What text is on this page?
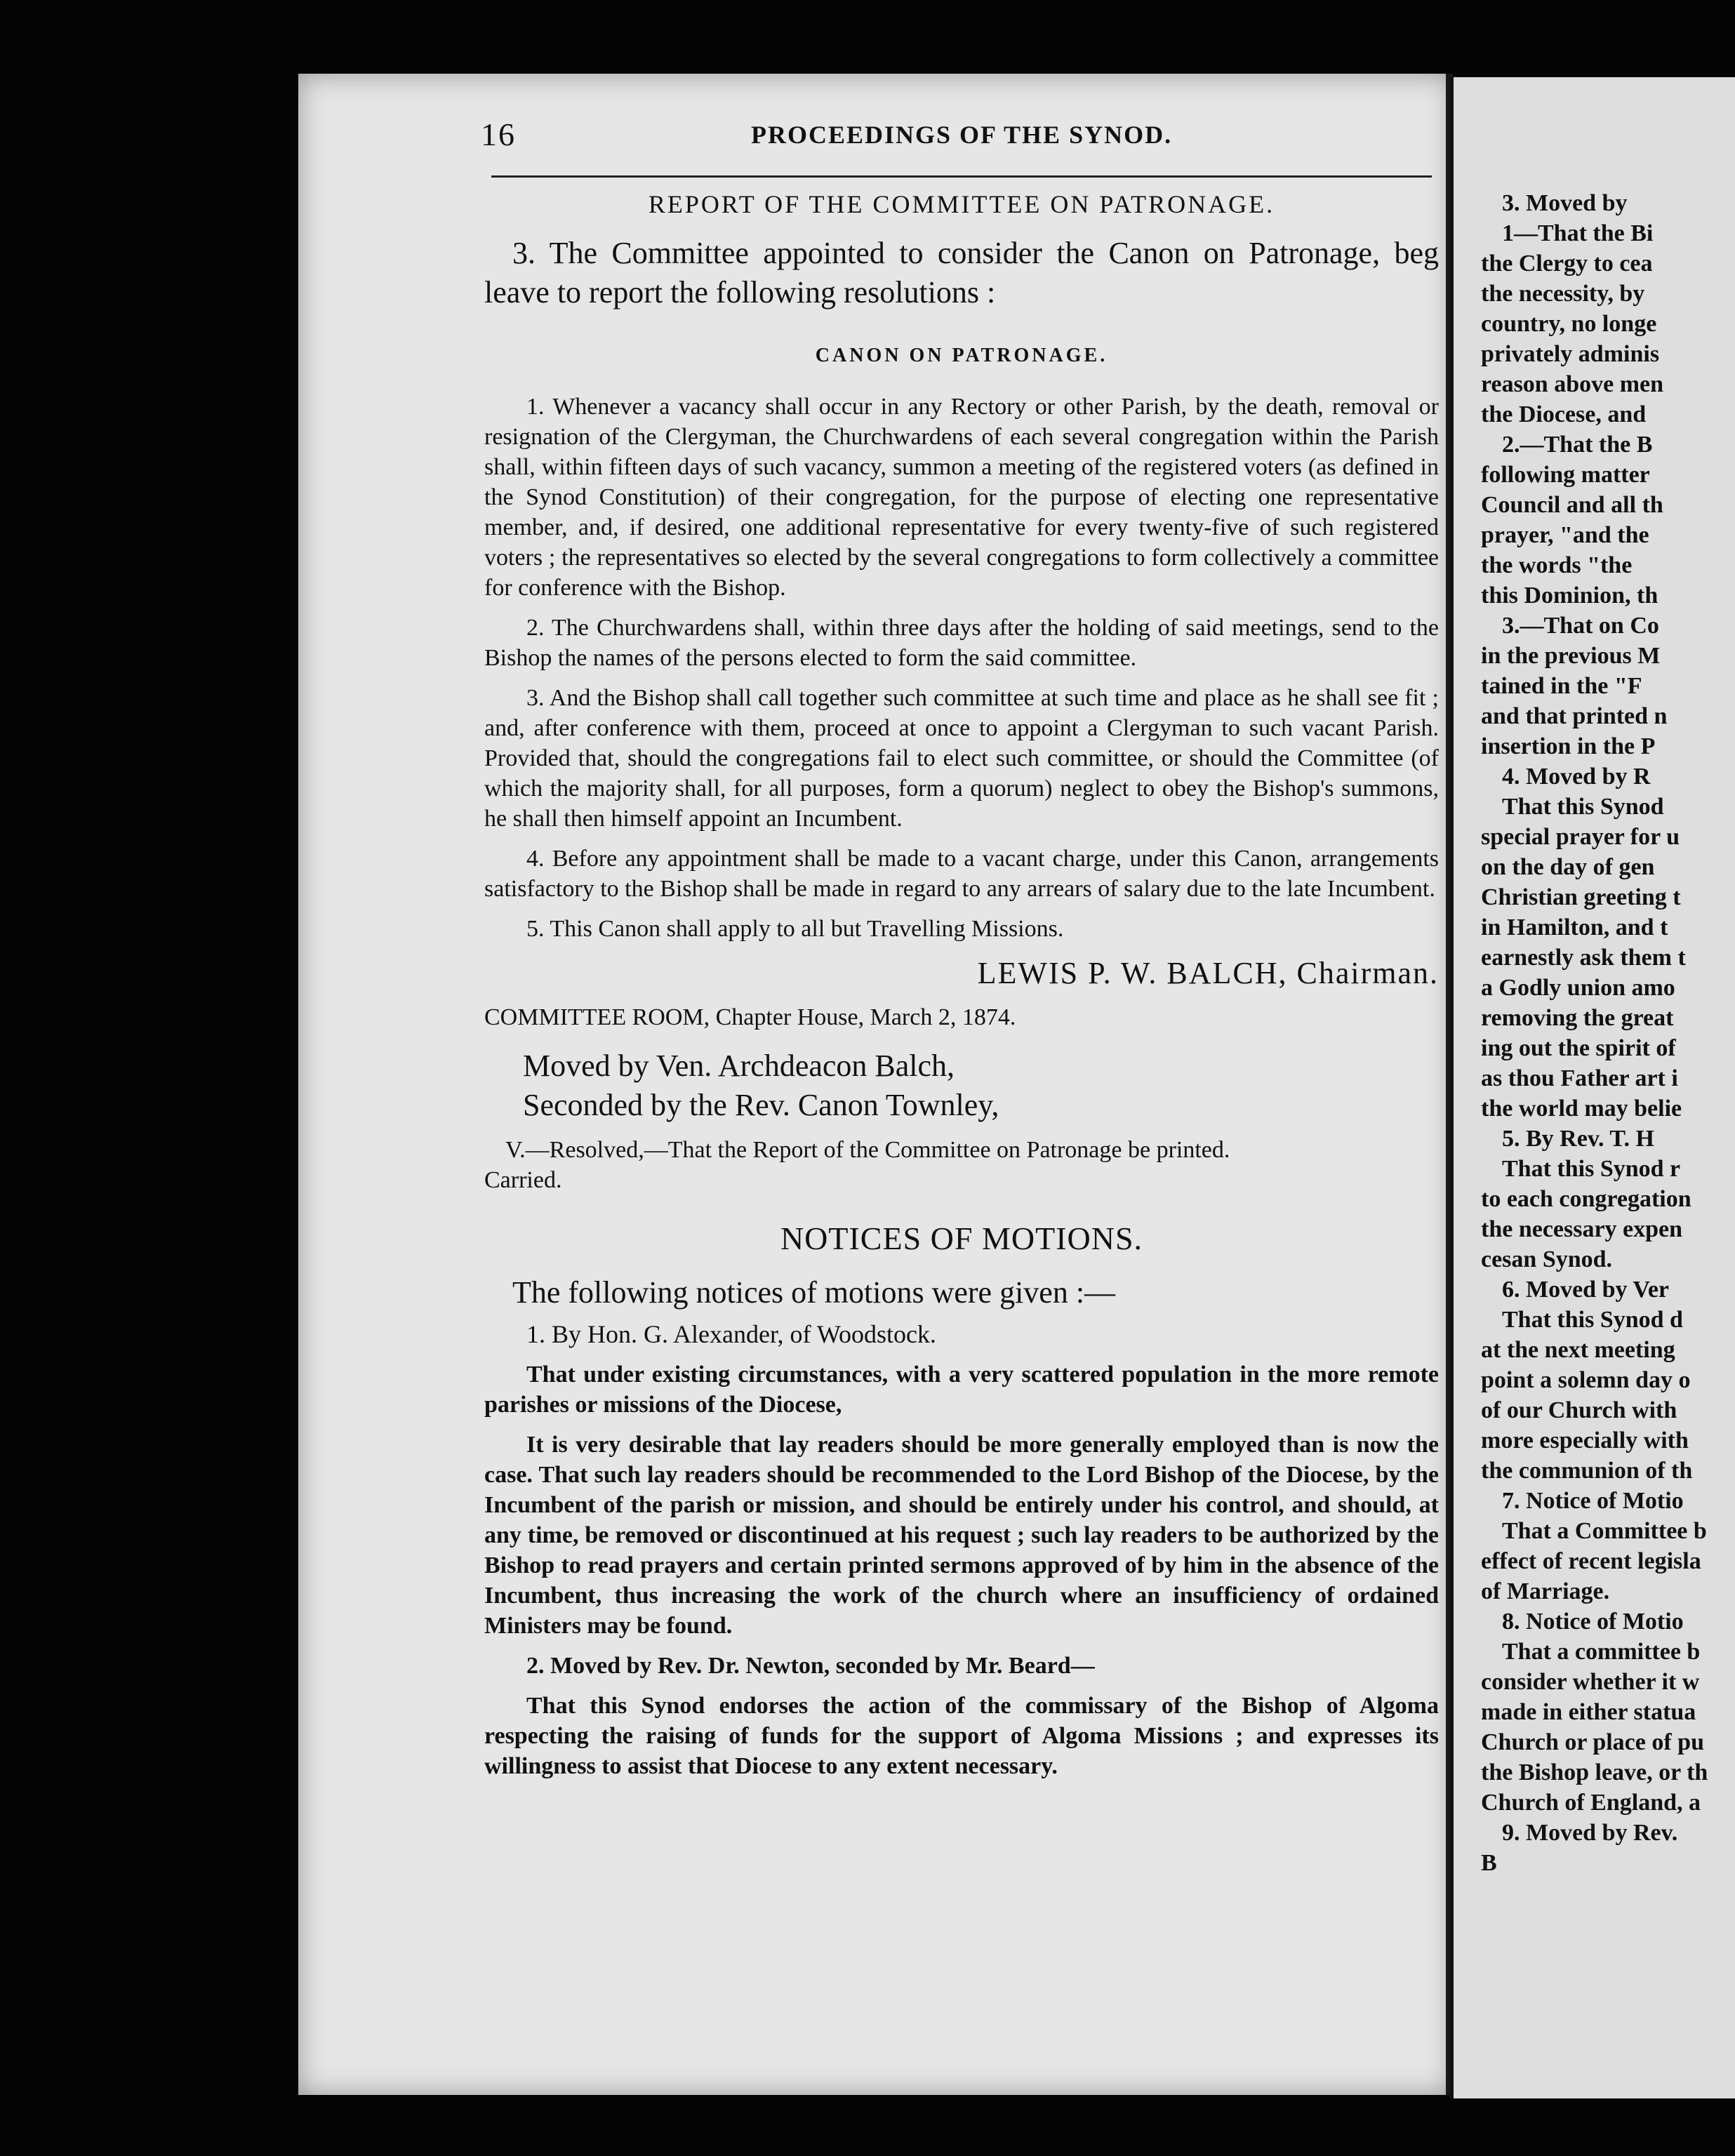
16	PROCEEDINGS OF THE SYNOD.
REPORT OF THE COMMITTEE ON PATRONAGE.
3. The Committee appointed to consider the Canon on Patronage, beg leave to report the following resolutions :
CANON ON PATRONAGE.

1. Whenever a vacancy shall occur in any Rectory or other Parish, by the death, removal or resignation of the Clergyman, the Churchwardens of each several congregation within the Parish shall, within fifteen days of such vacancy, summon a meeting of the registered voters (as defined in the Synod Constitution) of their congregation, for the purpose of electing one representative member, and, if desired, one additional representative for every twenty-five of such registered voters ; the representatives so elected by the several congregations to form collectively a committee for conference with the Bishop.

2. The Churchwardens shall, within three days after the holding of said meetings, send to the Bishop the names of the persons elected to form the said committee.

3. And the Bishop shall call together such committee at such time and place as he shall see fit ; and, after conference with them, proceed at once to appoint a Clergyman to such vacant Parish. Provided that, should the congregations fail to elect such committee, or should the Committee (of which the majority shall, for all purposes, form a quorum) neglect to obey the Bishop's summons, he shall then himself appoint an Incumbent.

4. Before any appointment shall be made to a vacant charge, under this Canon, arrangements satisfactory to the Bishop shall be made in regard to any arrears of salary due to the late Incumbent.

5. This Canon shall apply to all but Travelling Missions.

LEWIS P. W. BALCH, Chairman.
COMMITTEE ROOM, Chapter House, March 2, 1874.
Moved by Ven. Archdeacon Balch,
Seconded by the Rev. Canon Townley,

V.—Resolved,—That the Report of the Committee on Patronage be printed.

Carried.
NOTICES OF MOTIONS.
The following notices of motions were given :—

1. By Hon. G. Alexander, of Woodstock.

That under existing circumstances, with a very scattered population in the more remote parishes or missions of the Diocese,

It is very desirable that lay readers should be more generally employed than is now the case. That such lay readers should be recommended to the Lord Bishop of the Diocese, by the Incumbent of the parish or mission, and should be entirely under his control, and should, at any time, be removed or discontinued at his request ; such lay readers to be authorized by the Bishop to read prayers and certain printed sermons approved of by him in the absence of the Incumbent, thus increasing the work of the church where an insufficiency of ordained Ministers may be found.

2. Moved by Rev. Dr. Newton, seconded by Mr. Beard—

That this Synod endorses the action of the commissary of the Bishop of Algoma respecting the raising of funds for the support of Algoma Missions ; and expresses its willingness to assist that Diocese to any extent necessary.

3. Moved by
1—That the Bi
the Clergy to cea
the necessity, by
country, no longe
privately adminis
reason above men
the Diocese, and
2.—That the B
following matter
Council and all th
prayer, "and the
the words "the
this Dominion, th
3.—That on Co
in the previous M
tained in the "F
and that printed n
insertion in the P
4. Moved by R
That this Synod
special prayer for u
on the day of gen
Christian greeting t
in Hamilton, and t
earnestly ask them t
a Godly union amo
removing the great
ing out the spirit of
as thou Father art i
the world may belie
5. By Rev. T. H
That this Synod r
to each congregation
the necessary expen
cesan Synod.
6. Moved by Ver
That this Synod d
at the next meeting
point a solemn day o
of our Church with
more especially with
the communion of th
7. Notice of Motio
That a Committee b
effect of recent legisla
of Marriage.
8. Notice of Motio
That a committee b
consider whether it w
made in either statua
Church or place of pu
the Bishop leave, or th
Church of England, a
9. Moved by Rev.
B
